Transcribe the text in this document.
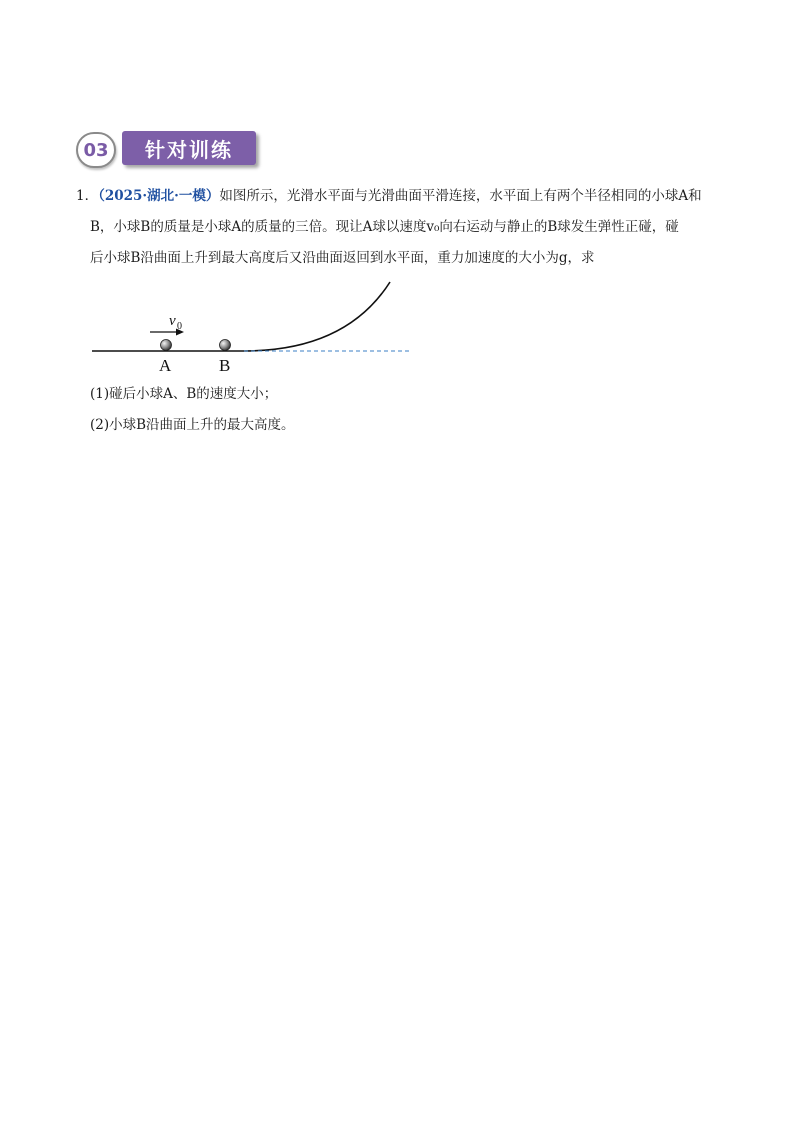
03	针对训练
1．（2025·湖北·一模）如图所示，光滑水平面与光滑曲面平滑连接，水平面上有两个半径相同的小球A和
B，小球B的质量是小球A的质量的三倍。现让A球以速度v₀向右运动与静止的B球发生弹性正碰，碰
后小球B沿曲面上升到最大高度后又沿曲面返回到水平面，重力加速度的大小为g，求
v 0
A	B
(1)碰后小球A、B的速度大小；
(2)小球B沿曲面上升的最大高度。
